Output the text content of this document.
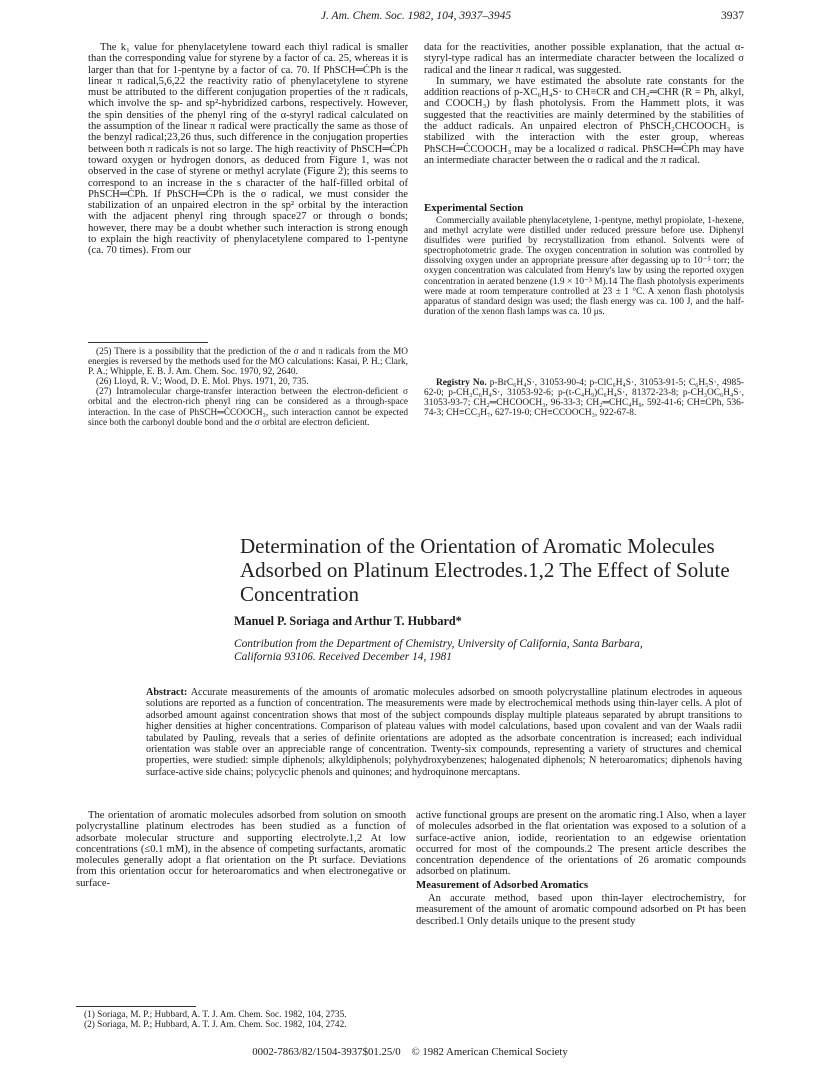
J. Am. Chem. Soc. 1982, 104, 3937–3945	3937

The k₁ value for phenylacetylene toward each thiyl radical is smaller than the corresponding value for styrene by a factor of ca. 25, whereas it is larger than that for 1-pentyne by a factor of ca. 70. If PhSCH═ĊPh is the linear π radical,5,6,22 the reactivity ratio of phenylacetylene to styrene must be attributed to the different conjugation properties of the π radicals, which involve the sp- and sp²-hybridized carbons, respectively. However, the spin densities of the phenyl ring of the α-styryl radical calculated on the assumption of the linear π radical were practically the same as those of the benzyl radical;23,26 thus, such difference in the conjugation properties between both π radicals is not so large. The high reactivity of PhSCH═ĊPh toward oxygen or hydrogen donors, as deduced from Figure 1, was not observed in the case of styrene or methyl acrylate (Figure 2); this seems to correspond to an increase in the s character of the half-filled orbital of PhSCH═ĊPh. If PhSCH═ĊPh is the σ radical, we must consider the stabilization of an unpaired electron in the sp² orbital by the interaction with the adjacent phenyl ring through space27 or through σ bonds; however, there may be a doubt whether such interaction is strong enough to explain the high reactivity of phenylacetylene compared to 1-pentyne (ca. 70 times). From our

(25) There is a possibility that the prediction of the σ and π radicals from the MO energies is reversed by the methods used for the MO calculations: Kasai, P. H.; Clark, P. A.; Whipple, E. B. J. Am. Chem. Soc. 1970, 92, 2640.

(26) Lloyd, R. V.; Wood, D. E. Mol. Phys. 1971, 20, 735.

(27) Intramolecular charge-transfer interaction between the electron-deficient σ orbital and the electron-rich phenyl ring can be considered as a through-space interaction. In the case of PhSCH═ĊCOOCH₃, such interaction cannot be expected since both the carbonyl double bond and the σ orbital are electron deficient.

data for the reactivities, another possible explanation, that the actual α-styryl-type radical has an intermediate character between the localized σ radical and the linear π radical, was suggested.

In summary, we have estimated the absolute rate constants for the addition reactions of p-XC₆H₄S· to CH≡CR and CH₂═CHR (R = Ph, alkyl, and COOCH₃) by flash photolysis. From the Hammett plots, it was suggested that the reactivities are mainly determined by the stabilities of the adduct radicals. An unpaired electron of PhSCH₂CHCOOCH₃ is stabilized with the interaction with the ester group, whereas PhSCH═ĊCOOCH₃ may be a localized σ radical. PhSCH═ĊPh may have an intermediate character between the σ radical and the π radical.

Experimental Section

Commercially available phenylacetylene, 1-pentyne, methyl propiolate, 1-hexene, and methyl acrylate were distilled under reduced pressure before use. Diphenyl disulfides were purified by recrystallization from ethanol. Solvents were of spectrophotometric grade. The oxygen concentration in solution was controlled by dissolving oxygen under an appropriate pressure after degassing up to 10⁻⁵ torr; the oxygen concentration was calculated from Henry's law by using the reported oxygen concentration in aerated benzene (1.9 × 10⁻³ M).14 The flash photolysis experiments were made at room temperature controlled at 23 ± 1 °C. A xenon flash photolysis apparatus of standard design was used; the flash energy was ca. 100 J, and the half-duration of the xenon flash lamps was ca. 10 μs.

Registry No. p-BrC₆H₄S·, 31053-90-4; p-ClC₆H₄S·, 31053-91-5; C₆H₅S·, 4985-62-0; p-CH₃C₆H₄S·, 31053-92-6; p-(t-C₄H₉)C₆H₄S·, 81372-23-8; p-CH₃OC₆H₄S·, 31053-93-7; CH₂═CHCOOCH₃, 96-33-3; CH₂═CHC₄H₉, 592-41-6; CH≡CPh, 536-74-3; CH≡CC₃H₇, 627-19-0; CH≡CCOOCH₃, 922-67-8.

Determination of the Orientation of Aromatic Molecules
Adsorbed on Platinum Electrodes.1,2 The Effect of Solute
Concentration
Manuel P. Soriaga and Arthur T. Hubbard*
Contribution from the Department of Chemistry, University of California, Santa Barbara,
California 93106. Received December 14, 1981
Abstract: Accurate measurements of the amounts of aromatic molecules adsorbed on smooth polycrystalline platinum electrodes in aqueous solutions are reported as a function of concentration. The measurements were made by electrochemical methods using thin-layer cells. A plot of adsorbed amount against concentration shows that most of the subject compounds display multiple plateaus separated by abrupt transitions to higher densities at higher concentrations. Comparison of plateau values with model calculations, based upon covalent and van der Waals radii tabulated by Pauling, reveals that a series of definite orientations are adopted as the adsorbate concentration is increased; each individual orientation was stable over an appreciable range of concentration. Twenty-six compounds, representing a variety of structures and chemical properties, were studied: simple diphenols; alkyldiphenols; polyhydroxybenzenes; halogenated diphenols; N heteroaromatics; diphenols having surface-active side chains; polycyclic phenols and quinones; and hydroquinone mercaptans.

The orientation of aromatic molecules adsorbed from solution on smooth polycrystalline platinum electrodes has been studied as a function of adsorbate molecular structure and supporting electrolyte.1,2 At low concentrations (≤0.1 mM), in the absence of competing surfactants, aromatic molecules generally adopt a flat orientation on the Pt surface. Deviations from this orientation occur for heteroaromatics and when electronegative or surface-

(1) Soriaga, M. P.; Hubbard, A. T. J. Am. Chem. Soc. 1982, 104, 2735.

(2) Soriaga, M. P.; Hubbard, A. T. J. Am. Chem. Soc. 1982, 104, 2742.

active functional groups are present on the aromatic ring.1 Also, when a layer of molecules adsorbed in the flat orientation was exposed to a solution of a surface-active anion, iodide, reorientation to an edgewise orientation occurred for most of the compounds.2 The present article describes the concentration dependence of the orientations of 26 aromatic compounds adsorbed on platinum.

Measurement of Adsorbed Aromatics

An accurate method, based upon thin-layer electrochemistry, for measurement of the amount of aromatic compound adsorbed on Pt has been described.1 Only details unique to the present study

0002-7863/82/1504-3937$01.25/0 © 1982 American Chemical Society
